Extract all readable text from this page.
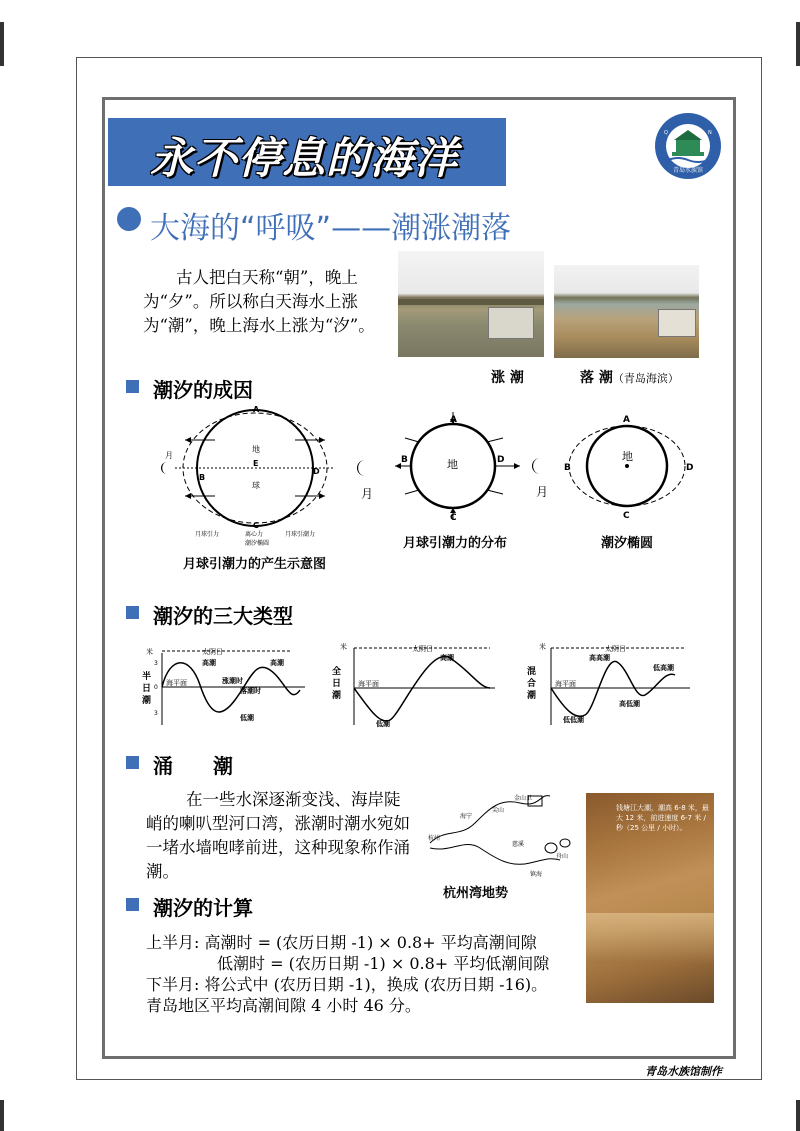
永不停息的海洋	青岛水族馆
Q	N
大海的“呼吸”——潮涨潮落
古人把白天称“朝”，晚上为“夕”。所以称白天海水上涨为“潮”，晚上海水上涨为“汐”。
涨 潮	落 潮（青岛海滨）
潮汐的成因
月
地
球
A
B
C
D
E
月球引力	离心力	月球引潮力
潮汐椭圆
月球引潮力的产生示意图
月
地
A
B
C
D
月球引潮力的分布
月
地
A
B
C
D
潮汐椭圆
潮汐的三大类型
米
半
日
潮
太阴日
3
0
3
高潮	高潮
海平面	涨潮时
落潮时
低潮
米
全
日
潮
太阴日
高潮
海平面
低潮
米
混
合
潮
太阴日
高高潮
低高潮
海平面
高低潮
低低潮
涌　　潮
在一些水深逐渐变浅、海岸陡峭的喇叭型河口湾，涨潮时潮水宛如一堵水墙咆哮前进，这种现象称作涌潮。
杭州
海宁
尖山
金山卫
慈溪
镇海
舟山
杭州湾地势
钱塘江大潮，潮高 6-8 米，最大 12 米，前进速度 6-7 米 / 秒（25 公里 / 小时）。
潮汐的计算
上半月: 高潮时 = (农历日期 -1) × 0.8+ 平均高潮间隙
低潮时 = (农历日期 -1) × 0.8+ 平均低潮间隙
下半月: 将公式中 (农历日期 -1)，换成 (农历日期 -16)。
青岛地区平均高潮间隙 4 小时 46 分。
青岛水族馆制作
